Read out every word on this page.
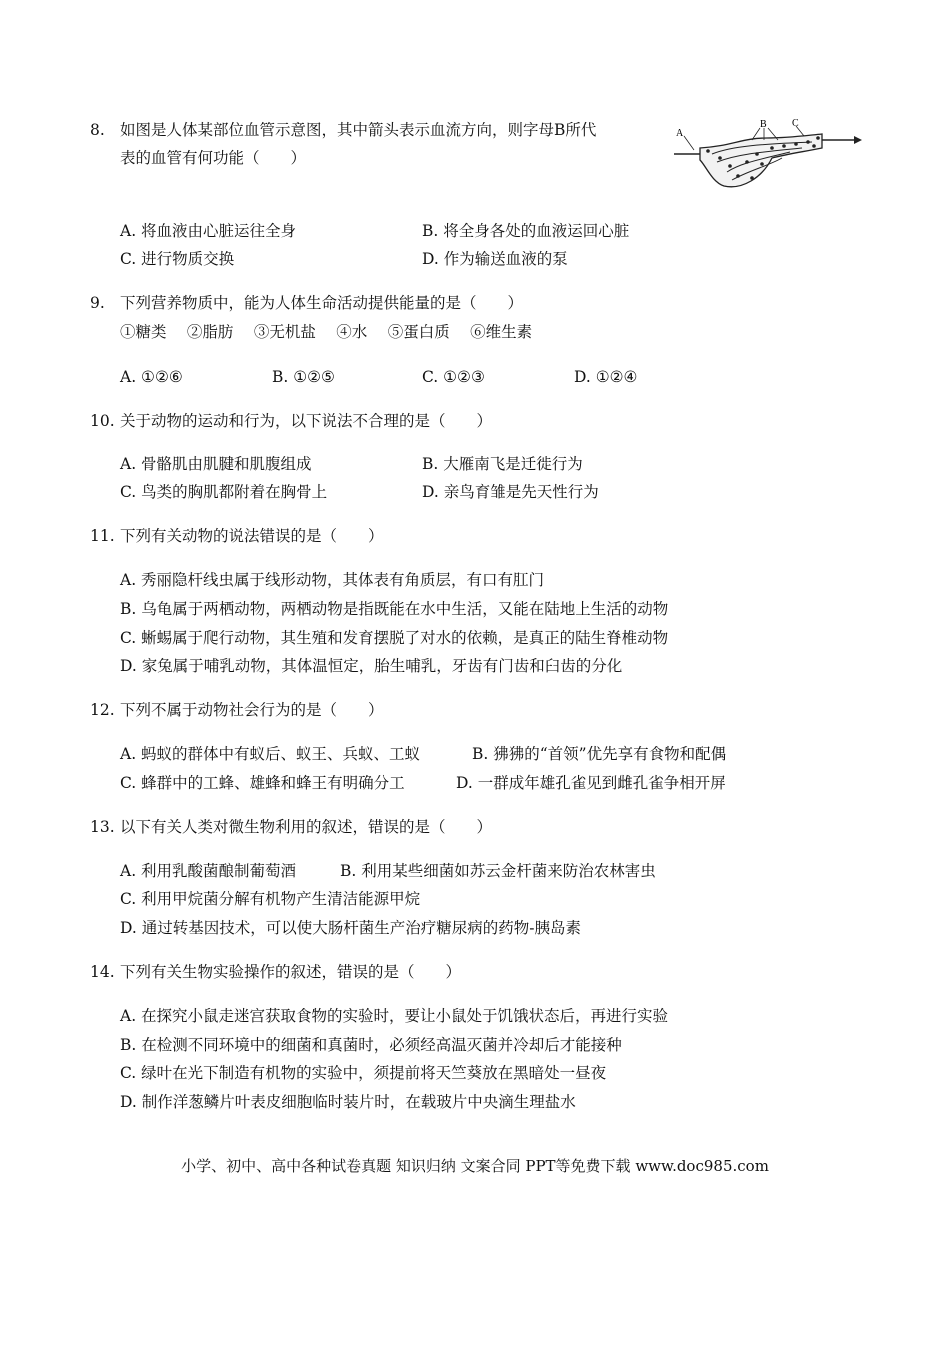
8. 如图是人体某部位血管示意图，其中箭头表示血流方向，则字母B所代
表的血管有何功能（　　）
A
B	C
A. 将血液由心脏运往全身	B. 将全身各处的血液运回心脏
C. 进行物质交换	D. 作为输送血液的泵
9. 下列营养物质中，能为人体生命活动提供能量的是（　　）
①糖类　 ②脂肪　 ③无机盐　 ④水　 ⑤蛋白质　 ⑥维生素
A. ①②⑥	B. ①②⑤	C. ①②③	D. ①②④
10. 关于动物的运动和行为，以下说法不合理的是（　　）
A. 骨骼肌由肌腱和肌腹组成	B. 大雁南飞是迁徙行为
C. 鸟类的胸肌都附着在胸骨上	D. 亲鸟育雏是先天性行为
11. 下列有关动物的说法错误的是（　　）
A. 秀丽隐杆线虫属于线形动物，其体表有角质层，有口有肛门
B. 乌龟属于两栖动物，两栖动物是指既能在水中生活，又能在陆地上生活的动物
C. 蜥蜴属于爬行动物，其生殖和发育摆脱了对水的依赖，是真正的陆生脊椎动物
D. 家兔属于哺乳动物，其体温恒定，胎生哺乳，牙齿有门齿和臼齿的分化
12. 下列不属于动物社会行为的是（　　）
A. 蚂蚁的群体中有蚁后、蚁王、兵蚁、工蚁	B. 狒狒的“首领”优先享有食物和配偶
C. 蜂群中的工蜂、雄蜂和蜂王有明确分工	D. 一群成年雄孔雀见到雌孔雀争相开屏
13. 以下有关人类对微生物利用的叙述，错误的是（　　）
A. 利用乳酸菌酿制葡萄酒	B. 利用某些细菌如苏云金杆菌来防治农林害虫
C. 利用甲烷菌分解有机物产生清洁能源甲烷
D. 通过转基因技术，可以使大肠杆菌生产治疗糖尿病的药物-胰岛素
14. 下列有关生物实验操作的叙述，错误的是（　　）
A. 在探究小鼠走迷宫获取食物的实验时，要让小鼠处于饥饿状态后，再进行实验
B. 在检测不同环境中的细菌和真菌时，必须经高温灭菌并冷却后才能接种
C. 绿叶在光下制造有机物的实验中，须提前将天竺葵放在黑暗处一昼夜
D. 制作洋葱鳞片叶表皮细胞临时装片时，在载玻片中央滴生理盐水
小学、初中、高中各种试卷真题 知识归纳 文案合同 PPT等免费下载 www.doc985.com
